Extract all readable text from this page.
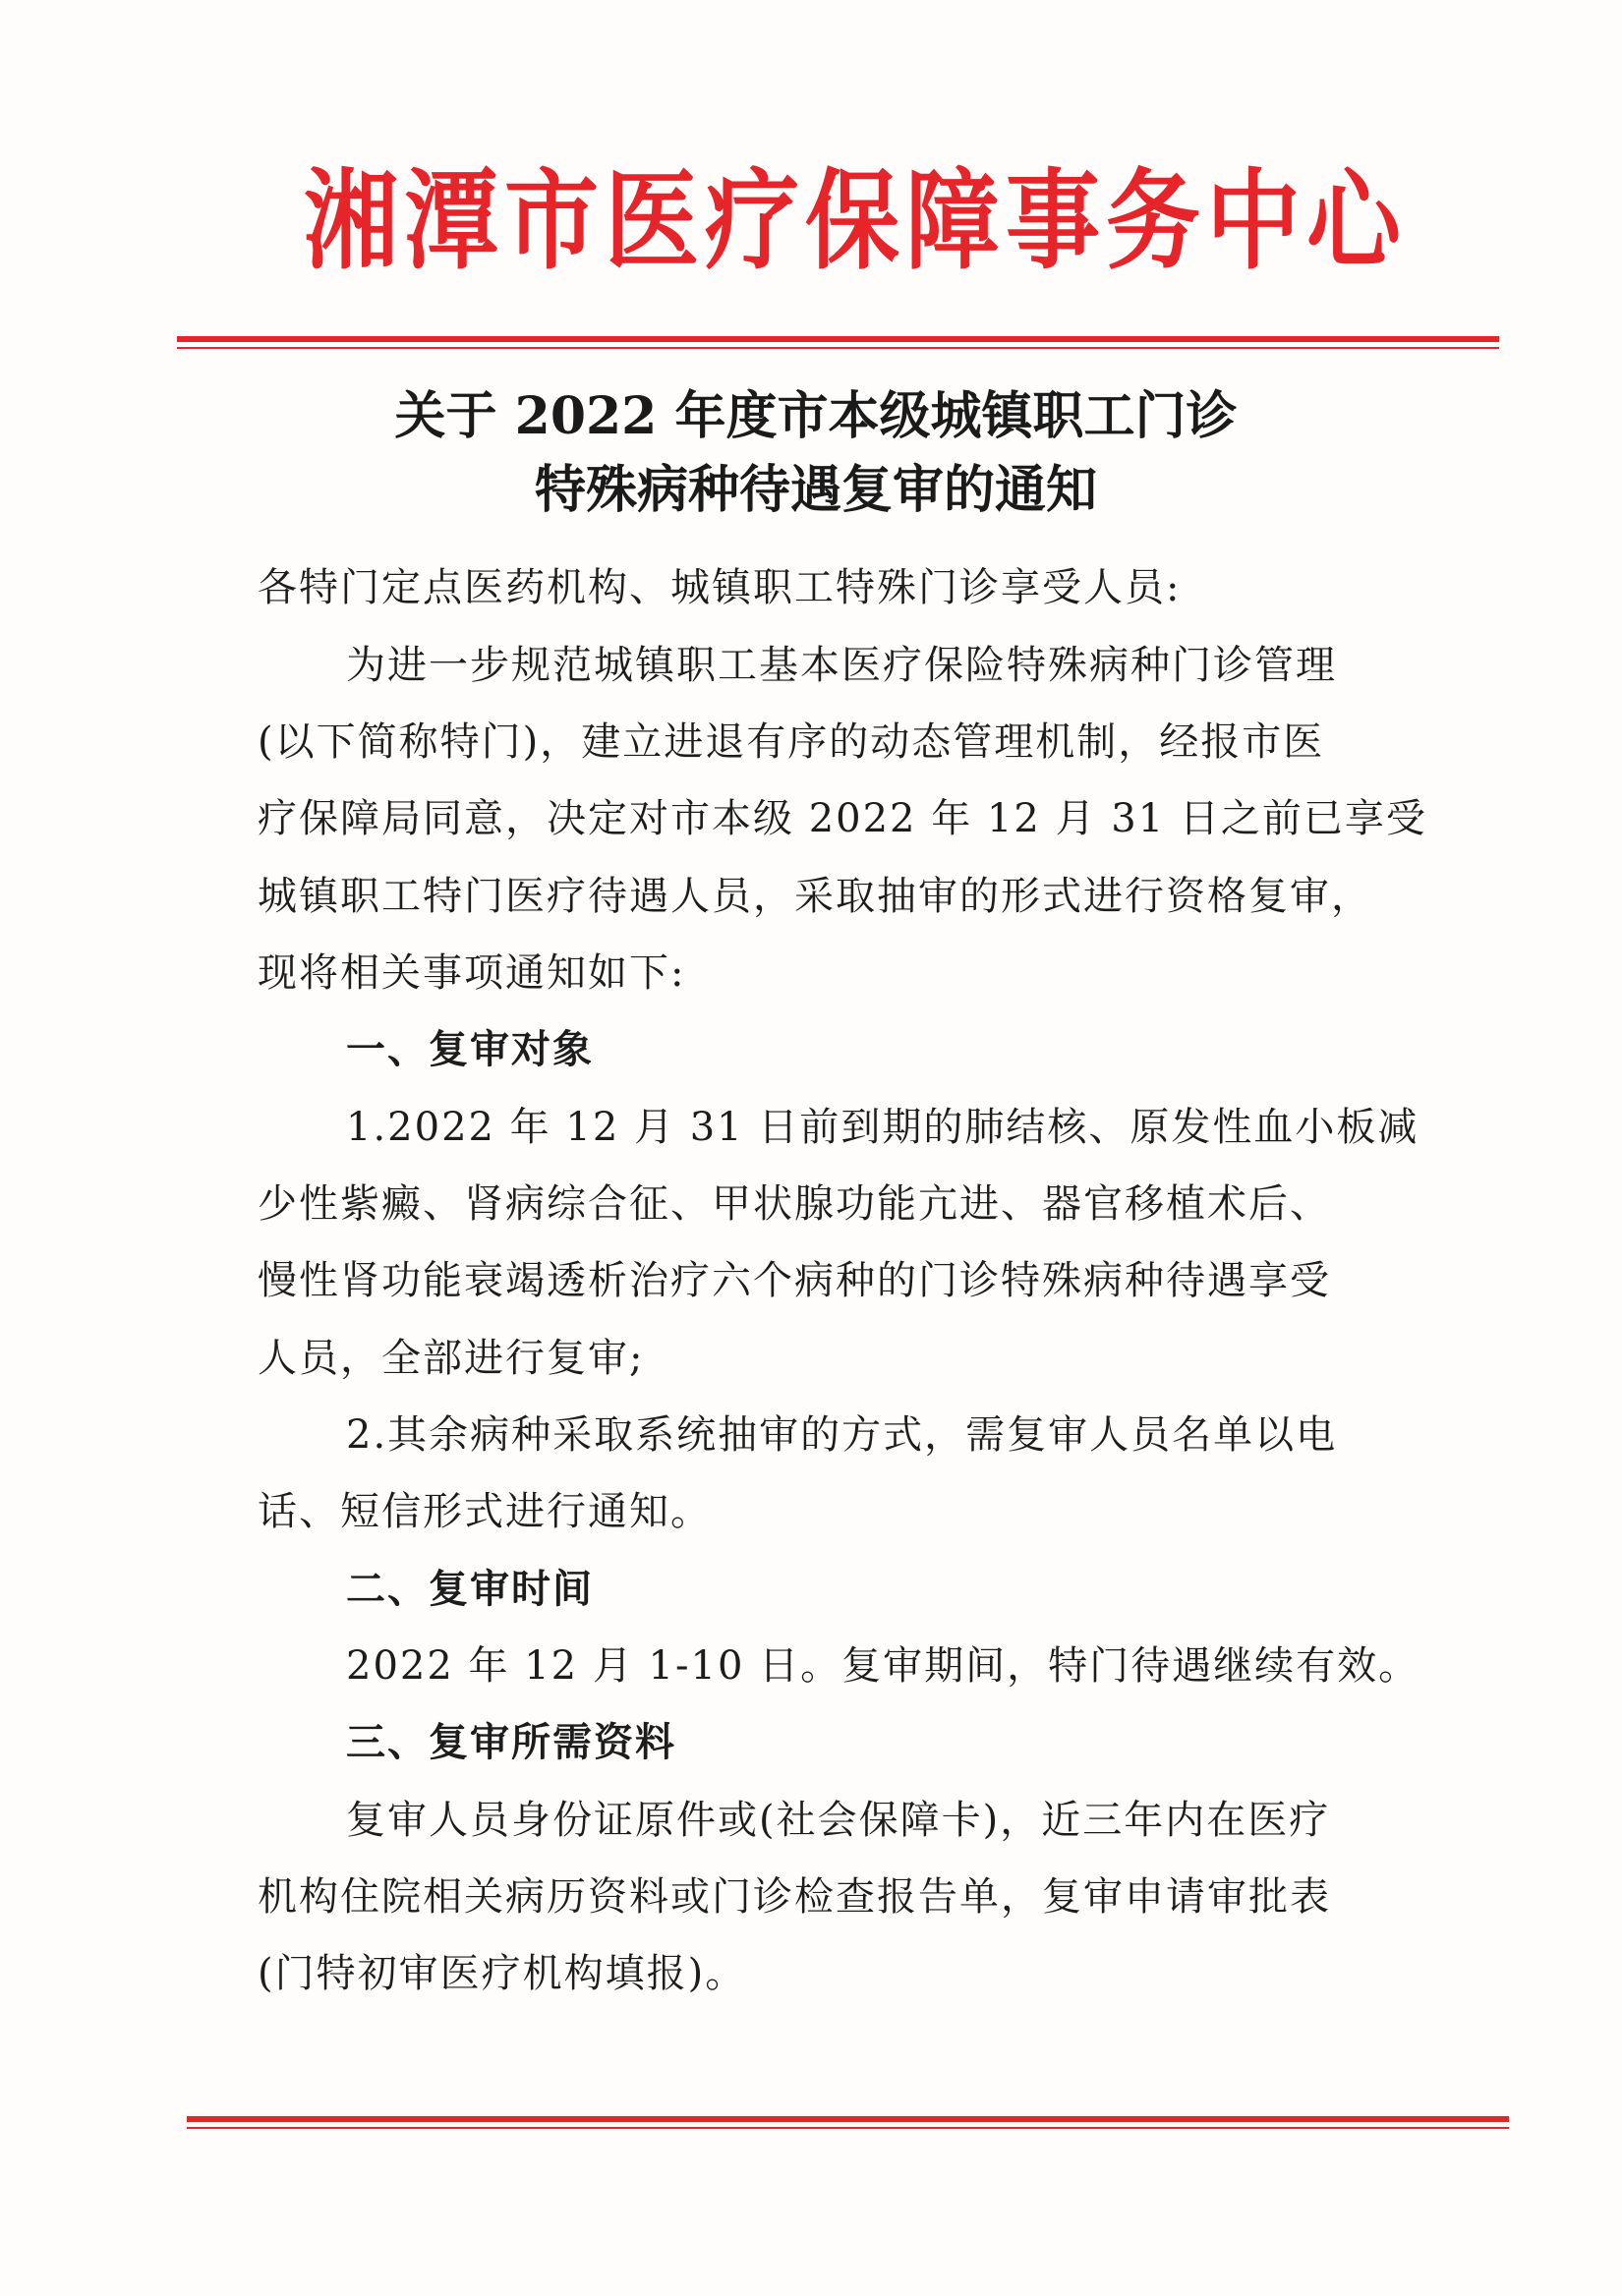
湘潭市医疗保障事务中心
关于 2022 年度市本级城镇职工门诊
特殊病种待遇复审的通知
各特门定点医药机构、城镇职工特殊门诊享受人员:
为进一步规范城镇职工基本医疗保险特殊病种门诊管理
(以下简称特门)，建立进退有序的动态管理机制，经报市医
疗保障局同意，决定对市本级 2022 年 12 月 31 日之前已享受
城镇职工特门医疗待遇人员，采取抽审的形式进行资格复审，
现将相关事项通知如下:
一、复审对象
1.2022 年 12 月 31 日前到期的肺结核、原发性血小板减
少性紫癜、肾病综合征、甲状腺功能亢进、器官移植术后、
慢性肾功能衰竭透析治疗六个病种的门诊特殊病种待遇享受
人员，全部进行复审;
2.其余病种采取系统抽审的方式，需复审人员名单以电
话、短信形式进行通知。
二、复审时间
2022 年 12 月 1-10 日。复审期间，特门待遇继续有效。
三、复审所需资料
复审人员身份证原件或(社会保障卡)，近三年内在医疗
机构住院相关病历资料或门诊检查报告单，复审申请审批表
(门特初审医疗机构填报)。
